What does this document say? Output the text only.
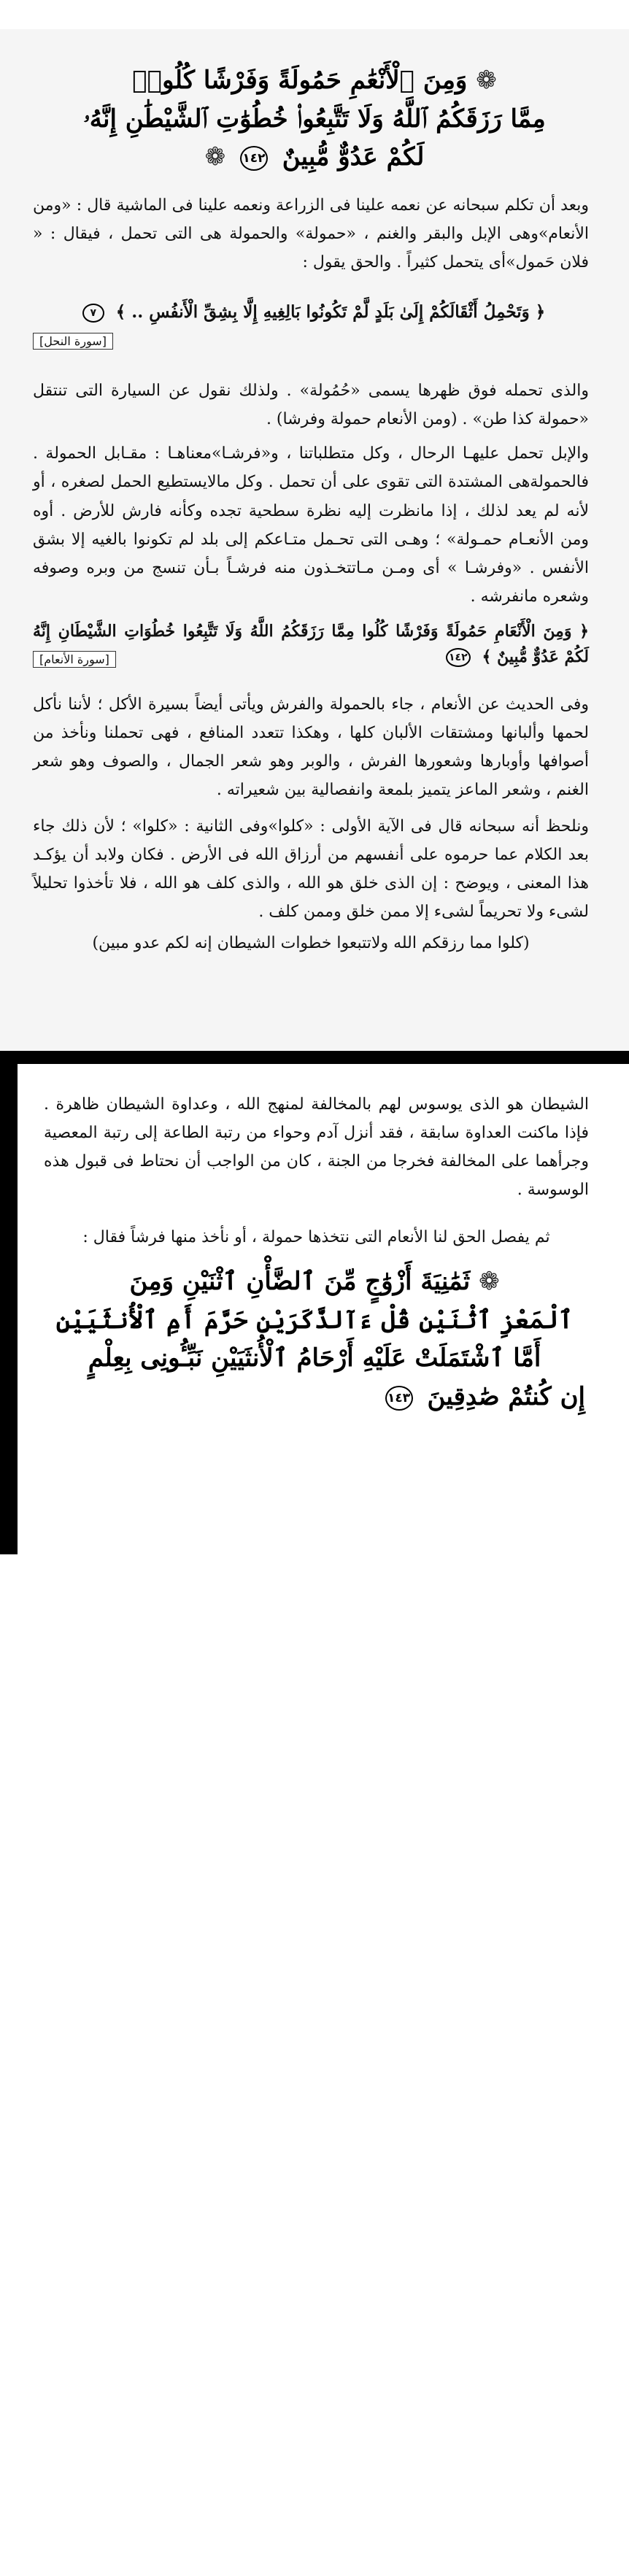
❁ وَمِنَ ٱلْأَنْعَٰمِ حَمُولَةً وَفَرْشًا كُلُوا۟
مِمَّا رَزَقَكُمُ ٱللَّهُ وَلَا تَتَّبِعُوا۟ خُطُوَٰتِ ٱلشَّيْطَٰنِ إِنَّهُۥ
لَكُمْ عَدُوٌّ مُّبِينٌ ١٤٢ ❁

وبعد أن تكلم سبحانه عن نعمه علينا فى الزراعة ونعمه علينا فى الماشية قال : «ومن الأنعام»وهى الإبل والبقر والغنم ، «حمولة» والحمولة هى التى تحمل ، فيقال : « فلان حَمول»أى يتحمل كثيراً . والحق يقول :

﴿ وَتَحْمِلُ أَثْقَالَكُمْ إِلَىٰ بَلَدٍ لَّمْ تَكُونُوا بَالِغِيهِ إِلَّا بِشِقِّ الْأَنفُسِ .. ﴾ ٧

[سورة النحل]

والذى تحمله فوق ظهرها يسمى «حُمُولة» . ولذلك نقول عن السيارة التى تنتقل «حمولة كذا طن» . (ومن الأنعام حمولة وفرشا) .

والإبل تحمل عليهـا الرحال ، وكل متطلباتنا ، و«فرشـا»معناهـا : مقـابل الحمولة . فالحمولةهى المشتدة التى تقوى على أن تحمل . وكل مالايستطيع الحمل لصغره ، أو لأنه لم يعد لذلك ، إذا مانظرت إليه نظرة سطحية تجده وكأنه فارش للأرض . أوه ومن الأنعـام حمـولة» ؛ وهـى التى تحـمل متـاعكم إلى بلد لم تكونوا بالغيه إلا بشق الأنفس . «وفرشـا » أى ومـن مـاتتخـذون منه فرشـاً بـأن تنسج من وبره وصوفه وشعره مانفرشه .

﴿ وَمِنَ الْأَنْعَامِ حَمُولَةً وَفَرْشًا كُلُوا مِمَّا رَزَقَكُمُ اللَّهُ وَلَا تَتَّبِعُوا خُطُوَاتِ الشَّيْطَانِ إِنَّهُ لَكُمْ عَدُوٌّ مُّبِينٌ ﴾ ١٤٢

[سورة الأنعام]

وفى الحديث عن الأنعام ، جاء بالحمولة والفرش ويأتى أيضاً بسيرة الأكل ؛ لأننا نأكل لحمها وألبانها ومشتقات الألبان كلها ، وهكذا تتعدد المنافع ، فهى تحملنا ونأخذ من أصوافها وأوبارها وشعورها الفرش ، والوبر وهو شعر الجمال ، والصوف وهو شعر الغنم ، وشعر الماعز يتميز بلمعة وانفصالية بين شعيراته .

ونلحظ أنه سبحانه قال فى الآية الأولى : «كلوا»وفى الثانية : «كلوا» ؛ لأن ذلك جاء بعد الكلام عما حرموه على أنفسهم من أرزاق الله فى الأرض . فكان ولابد أن يؤكـد هذا المعنى ، ويوضح : إن الذى خلق هو الله ، والذى كلف هو الله ، فلا تأخذوا تحليلاً لشىء ولا تحريماً لشىء إلا ممن خلق وممن كلف .

(كلوا مما رزقكم الله ولاتتبعوا خطوات الشيطان إنه لكم عدو مبين)

الشيطان هو الذى يوسوس لهم بالمخالفة لمنهج الله ، وعداوة الشيطان ظاهرة . فإذا ماكنت العداوة سابقة ، فقد أنزل آدم وحواء من رتبة الطاعة إلى رتبة المعصية وجرأهما على المخالفة فخرجا من الجنة ، كان من الواجب أن نحتاط فى قبول هذه الوسوسة .

ثم يفصل الحق لنا الأنعام التى نتخذها حمولة ، أو نأخذ منها فرشاً فقال :

❁ ثَمَٰنِيَةَ أَزْوَٰجٍ مِّنَ ٱلضَّأْنِ ٱثْنَيْنِ وَمِنَ
ٱلْمَعْزِ ٱثْنَيْنِ قُلْ ءَآلذَّكَرَيْنِ حَرَّمَ أَمِ ٱلْأُنثَيَيْنِ
أَمَّا ٱشْتَمَلَتْ عَلَيْهِ أَرْحَامُ ٱلْأُنثَيَيْنِ نَبِّـُٔونِى بِعِلْمٍ
إِن كُنتُمْ صَٰدِقِينَ ١٤٣
